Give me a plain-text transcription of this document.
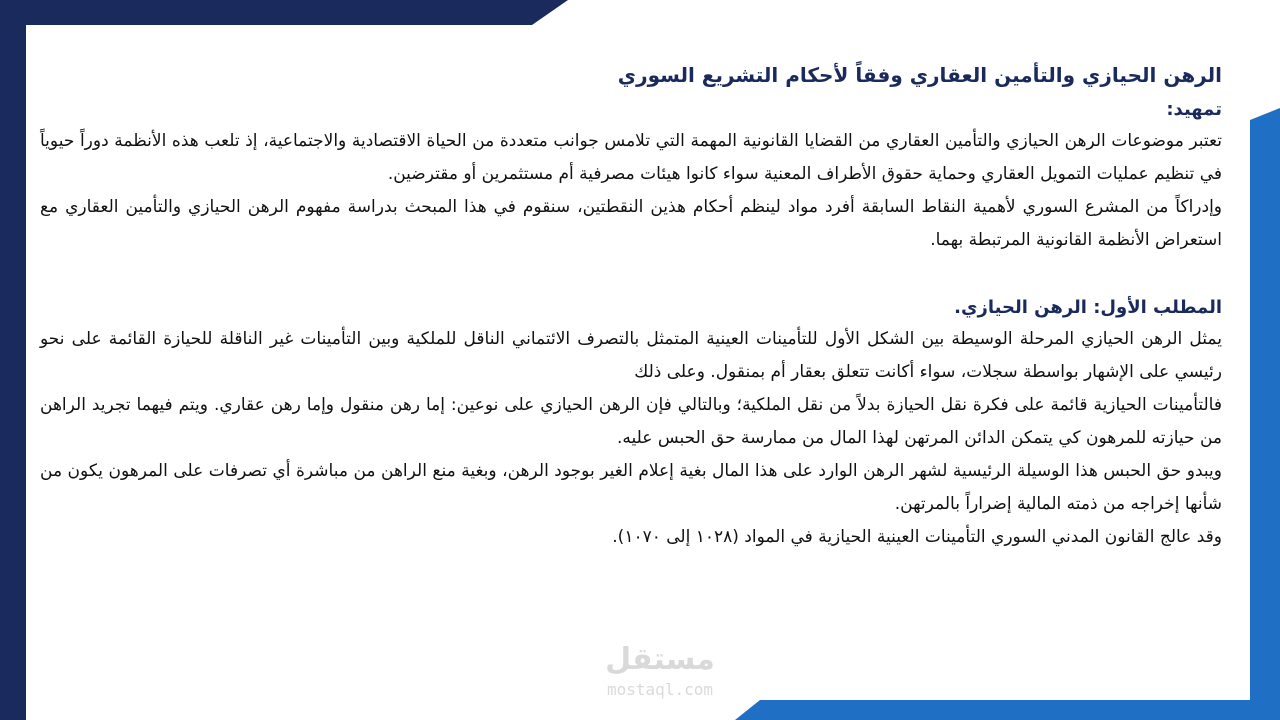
الرهن الحيازي والتأمين العقاري وفقاً لأحكام التشريع السوري
تمهيد:

تعتبر موضوعات الرهن الحيازي والتأمين العقاري من القضايا القانونية المهمة التي تلامس جوانب متعددة من الحياة الاقتصادية والاجتماعية، إذ تلعب هذه الأنظمة دوراً حيوياً في تنظيم عمليات التمويل العقاري وحماية حقوق الأطراف المعنية سواء كانوا هيئات مصرفية أم مستثمرين أو مقترضين.

وإدراكاً من المشرع السوري لأهمية النقاط السابقة أفرد مواد لينظم أحكام هذين النقطتين، سنقوم في هذا المبحث بدراسة مفهوم الرهن الحيازي والتأمين العقاري مع استعراض الأنظمة القانونية المرتبطة بهما.

المطلب الأول: الرهن الحيازي.

يمثل الرهن الحيازي المرحلة الوسيطة بين الشكل الأول للتأمينات العينية المتمثل بالتصرف الائتماني الناقل للملكية وبين التأمينات غير الناقلة للحيازة القائمة على نحو رئيسي على الإشهار بواسطة سجلات، سواء أكانت تتعلق بعقار أم بمنقول. وعلى ذلك

فالتأمينات الحيازية قائمة على فكرة نقل الحيازة بدلاً من نقل الملكية؛ وبالتالي فإن الرهن الحيازي على نوعين: إما رهن منقول وإما رهن عقاري. ويتم فيهما تجريد الراهن من حيازته للمرهون كي يتمكن الدائن المرتهن لهذا المال من ممارسة حق الحبس عليه.

ويبدو حق الحبس هذا الوسيلة الرئيسية لشهر الرهن الوارد على هذا المال بغية إعلام الغير بوجود الرهن، وبغية منع الراهن من مباشرة أي تصرفات على المرهون يكون من شأنها إخراجه من ذمته المالية إضراراً بالمرتهن.

وقد عالج القانون المدني السوري التأمينات العينية الحيازية في المواد (١٠٢٨ إلى ١٠٧٠).

مستقل
mostaql.com
